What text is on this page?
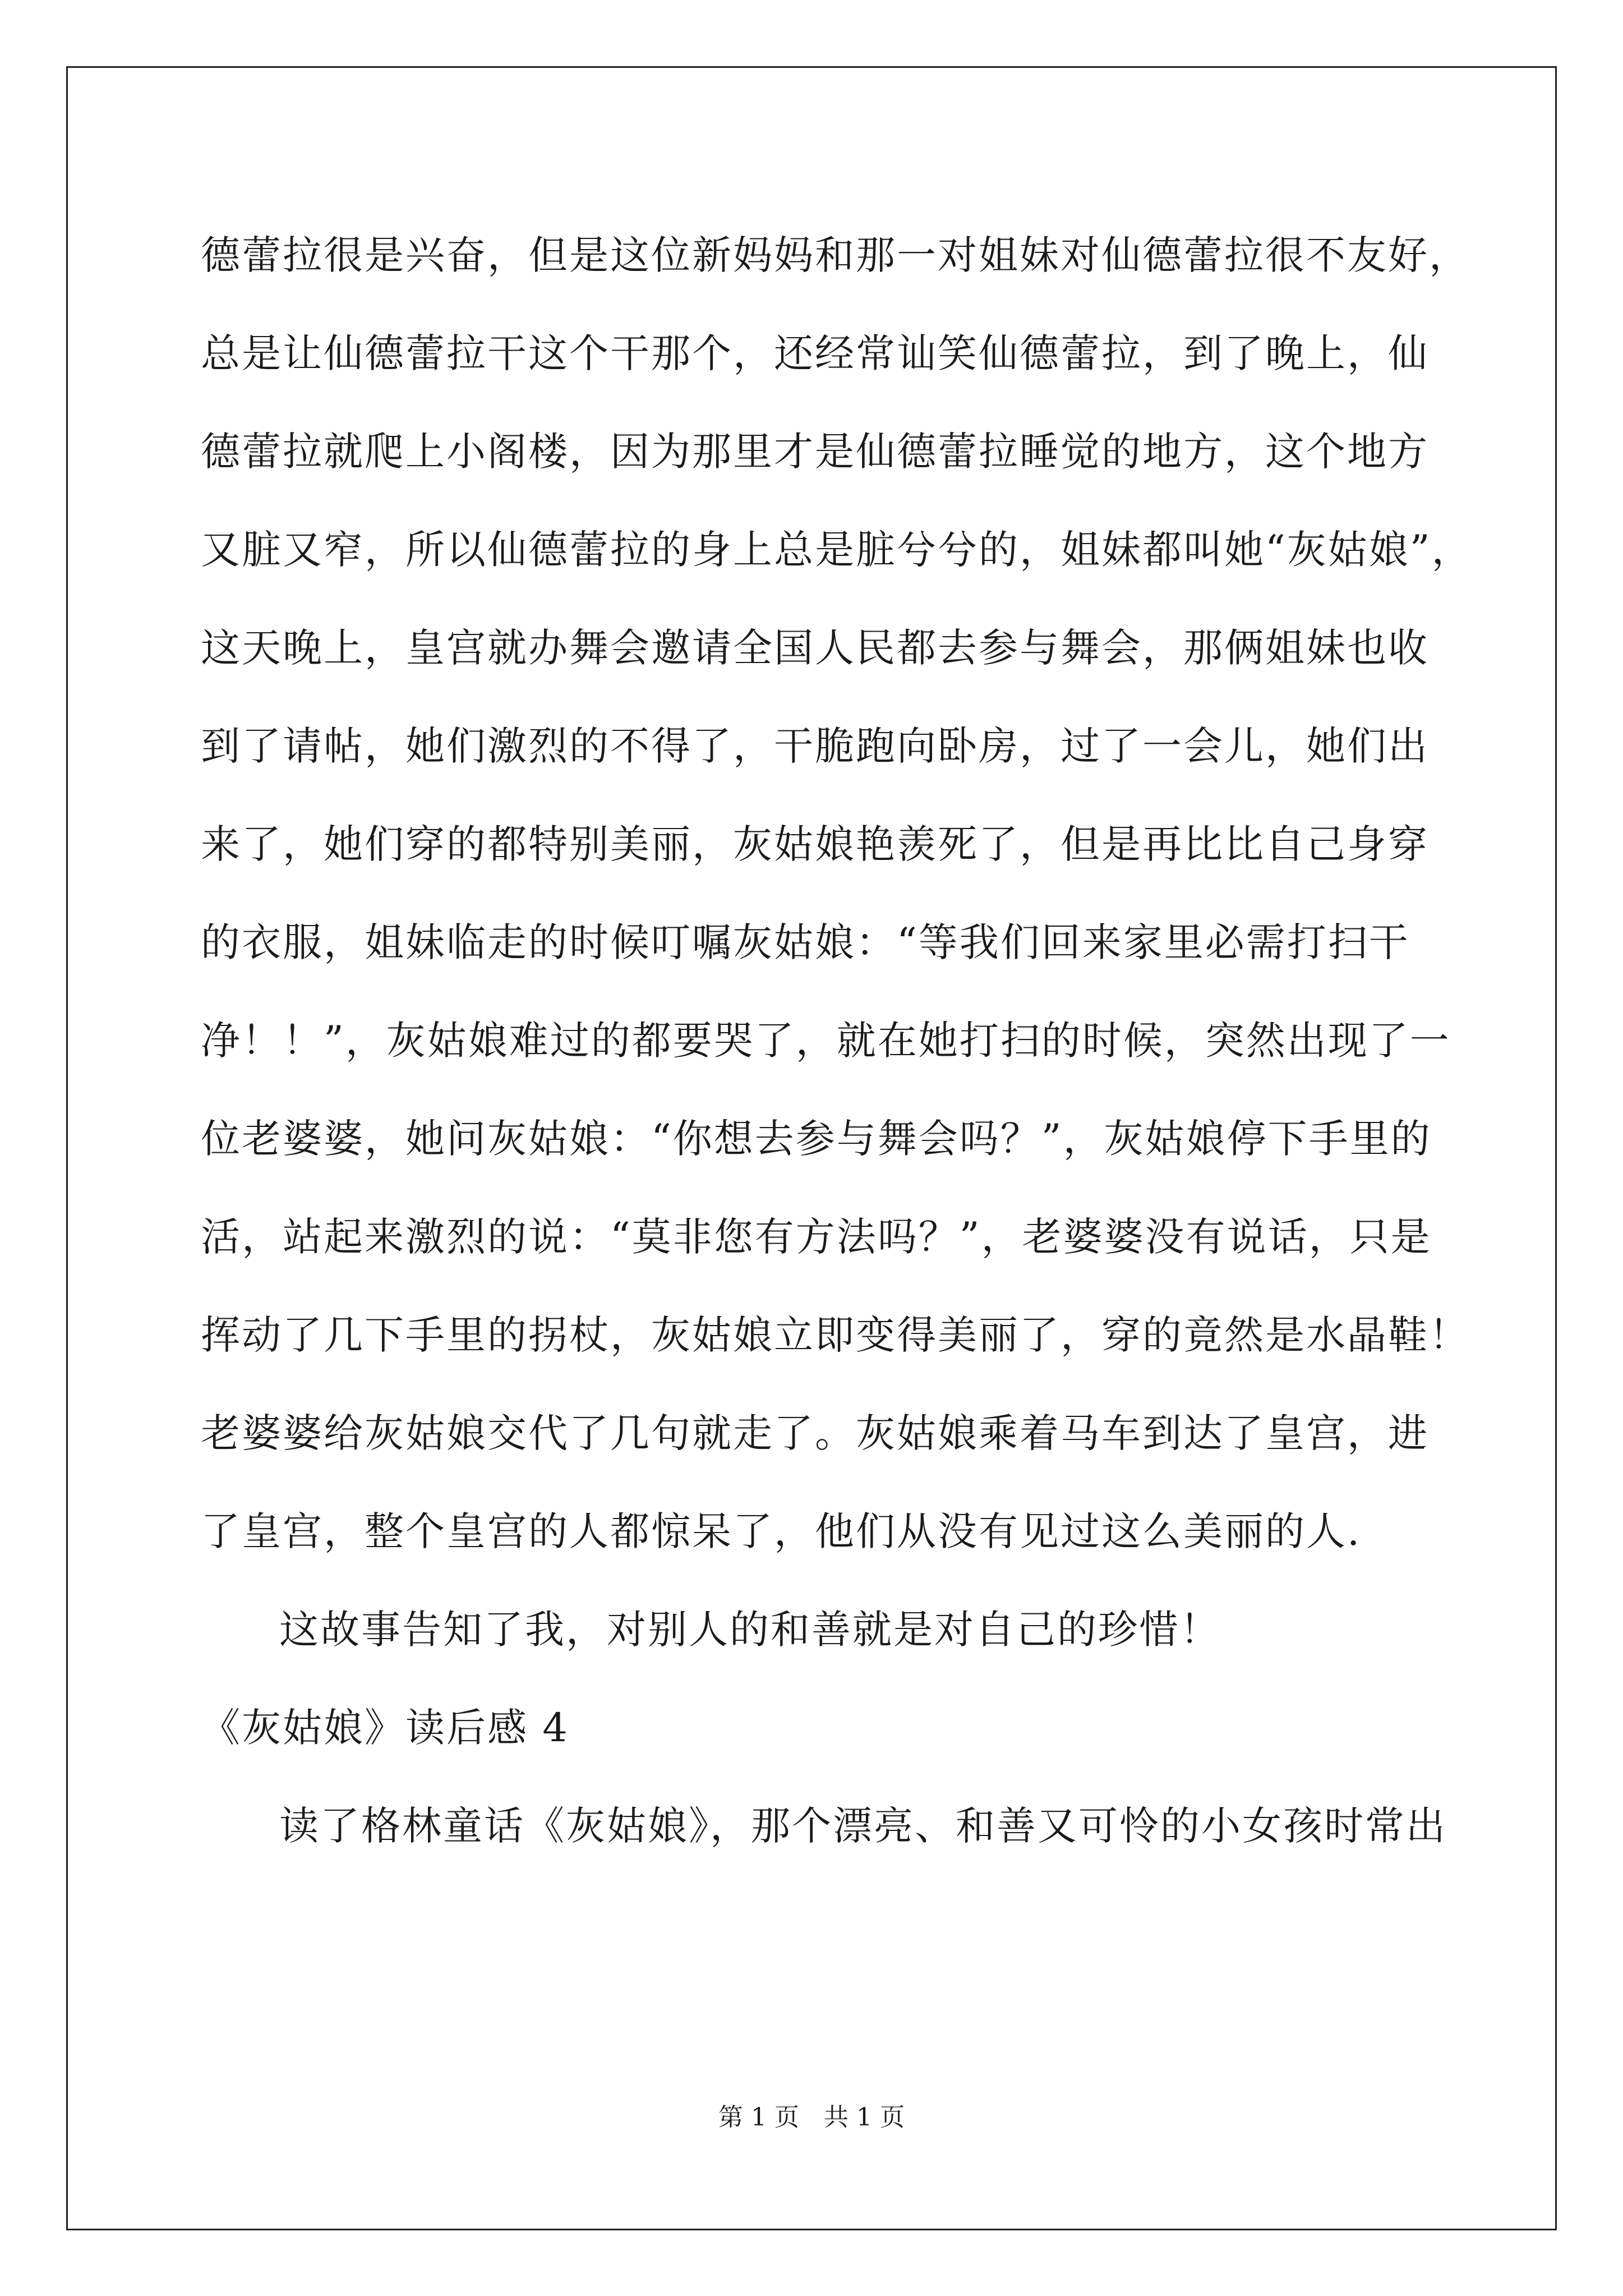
德蕾拉很是兴奋，但是这位新妈妈和那一对姐妹对仙德蕾拉很不友好，
总是让仙德蕾拉干这个干那个，还经常讪笑仙德蕾拉，到了晚上，仙
德蕾拉就爬上小阁楼，因为那里才是仙德蕾拉睡觉的地方，这个地方
又脏又窄，所以仙德蕾拉的身上总是脏兮兮的，姐妹都叫她“灰姑娘”，
这天晚上，皇宫就办舞会邀请全国人民都去参与舞会，那俩姐妹也收
到了请帖，她们激烈的不得了，干脆跑向卧房，过了一会儿，她们出
来了，她们穿的都特别美丽，灰姑娘艳羡死了，但是再比比自己身穿
的衣服，姐妹临走的时候叮嘱灰姑娘：“等我们回来家里必需打扫干
净！！”，灰姑娘难过的都要哭了，就在她打扫的时候，突然出现了一
位老婆婆，她问灰姑娘：“你想去参与舞会吗？”，灰姑娘停下手里的
活，站起来激烈的说：“莫非您有方法吗？”，老婆婆没有说话，只是
挥动了几下手里的拐杖，灰姑娘立即变得美丽了，穿的竟然是水晶鞋！
老婆婆给灰姑娘交代了几句就走了。灰姑娘乘着马车到达了皇宫，进
了皇宫，整个皇宫的人都惊呆了，他们从没有见过这么美丽的人.
这故事告知了我，对别人的和善就是对自己的珍惜！
《灰姑娘》读后感 4
读了格林童话《灰姑娘》，那个漂亮、和善又可怜的小女孩时常出
第 1 页　共 1 页
